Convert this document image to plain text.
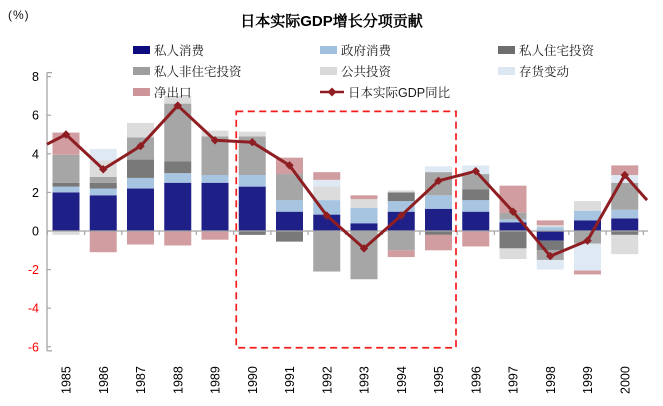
(%)	日本实际GDP增长分项贡献
私人消费	政府消费	私人住宅投资
私人非住宅投资	公共投资	存货变动
净出口	日本实际GDP同比
8
6
4
2
0
-2
-4
-6
1985 1986 1987 1988 1989 1990 1991 1992 1993 1994 1995 1996 1997 1998 1999 2000
